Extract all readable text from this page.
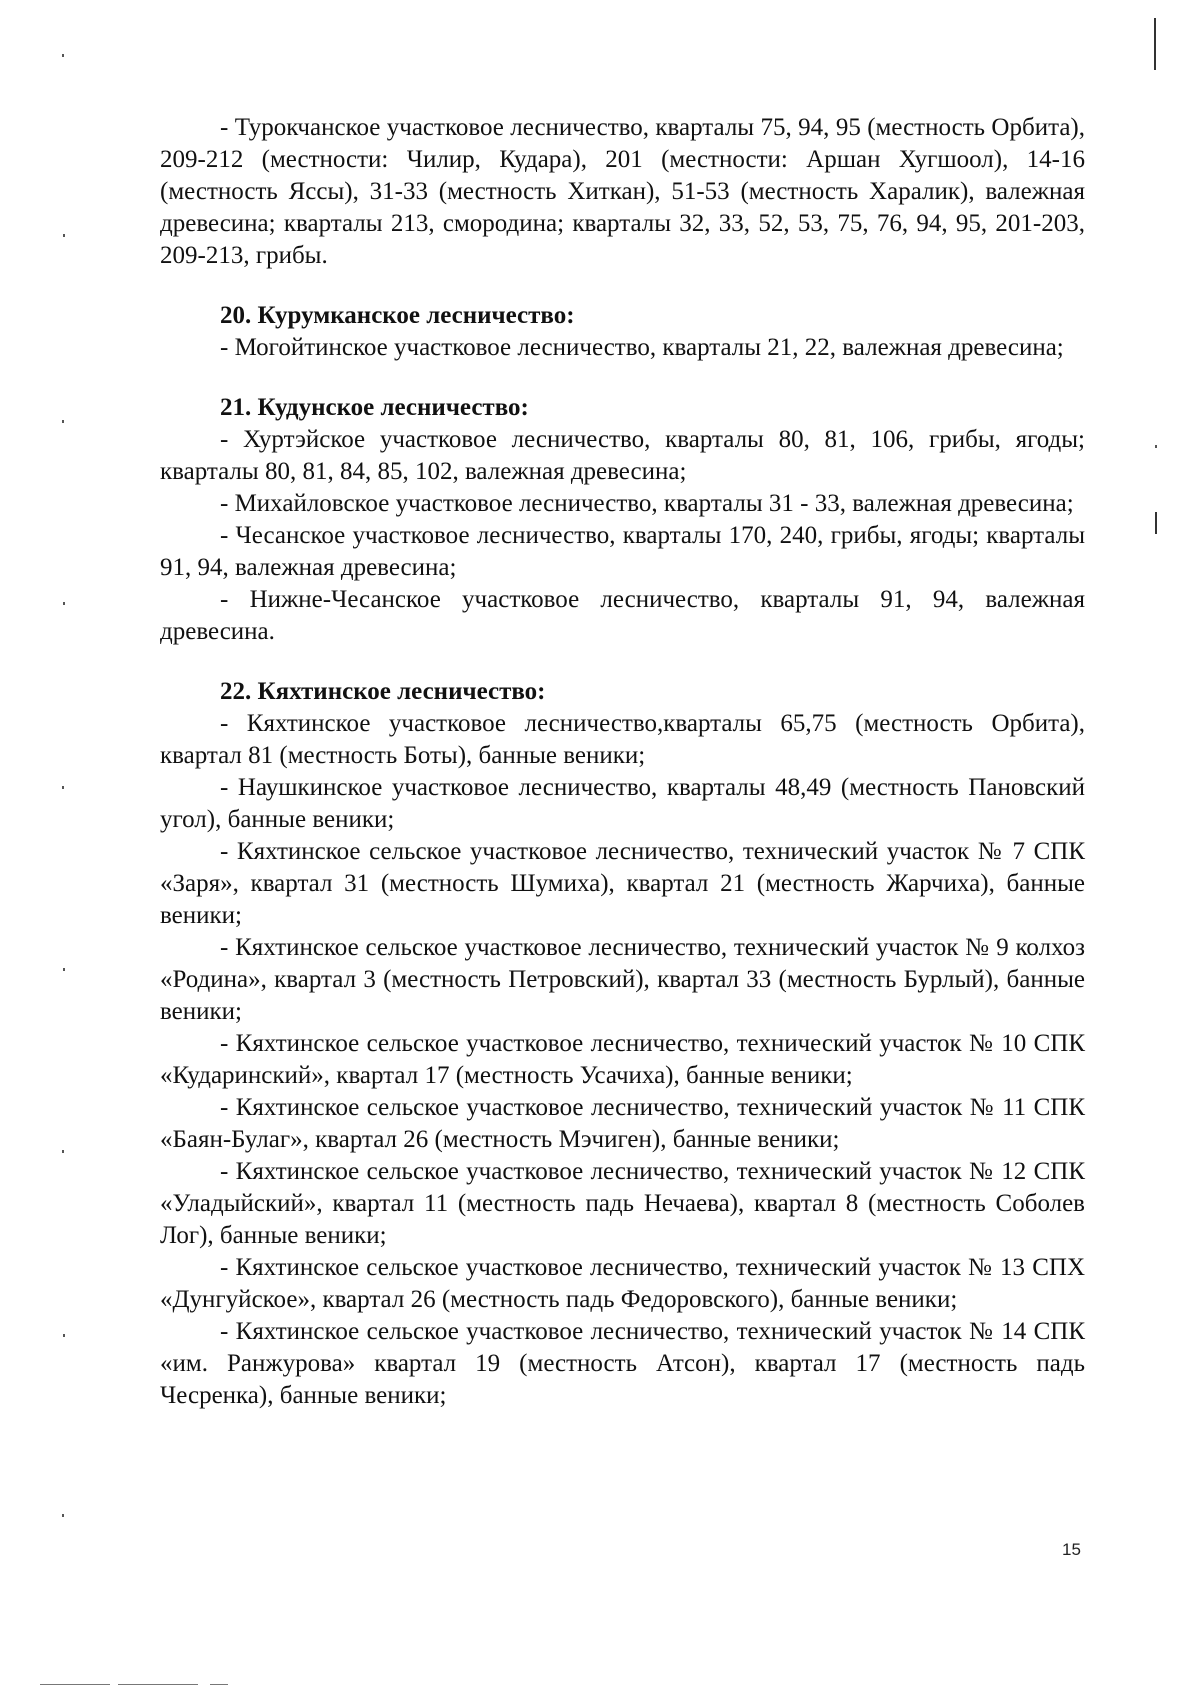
- Турокчанское участковое лесничество, кварталы 75, 94, 95 (местность Орбита), 209-212 (местности: Чилир, Кудара), 201 (местности: Аршан Хугшоол), 14-16 (местность Яссы), 31-33 (местность Хиткан), 51-53 (местность Харалик), валежная древесина; кварталы 213, смородина; кварталы 32, 33, 52, 53, 75, 76, 94, 95, 201-203, 209-213, грибы.

20. Курумканское лесничество:

- Могойтинское участковое лесничество, кварталы 21, 22, валежная древесина;

21. Кудунское лесничество:

- Хуртэйское участковое лесничество, кварталы 80, 81, 106, грибы, ягоды; кварталы 80, 81, 84, 85, 102, валежная древесина;

- Михайловское участковое лесничество, кварталы 31 - 33, валежная древесина;

- Чесанское участковое лесничество, кварталы 170, 240, грибы, ягоды; кварталы 91, 94, валежная древесина;

- Нижне-Чесанское участковое лесничество, кварталы 91, 94, валежная древесина.

22. Кяхтинское лесничество:

- Кяхтинское участковое лесничество,кварталы 65,75 (местность Орбита), квартал 81 (местность Боты), банные веники;

- Наушкинское участковое лесничество, кварталы 48,49 (местность Пановский угол), банные веники;

- Кяхтинское сельское участковое лесничество, технический участок № 7 СПК «Заря», квартал 31 (местность Шумиха), квартал 21 (местность Жарчиха), банные веники;

- Кяхтинское сельское участковое лесничество, технический участок № 9 колхоз «Родина», квартал 3 (местность Петровский), квартал 33 (местность Бурлый), банные веники;

- Кяхтинское сельское участковое лесничество, технический участок № 10 СПК «Кударинский», квартал 17 (местность Усачиха), банные веники;

- Кяхтинское сельское участковое лесничество, технический участок № 11 СПК «Баян-Булаг», квартал 26 (местность Мэчиген), банные веники;

- Кяхтинское сельское участковое лесничество, технический участок № 12 СПК «Уладыйский», квартал 11 (местность падь Нечаева), квартал 8 (местность Соболев Лог), банные веники;

- Кяхтинское сельское участковое лесничество, технический участок № 13 СПХ «Дунгуйское», квартал 26 (местность падь Федоровского), банные веники;

- Кяхтинское сельское участковое лесничество, технический участок № 14 СПК «им. Ранжурова» квартал 19 (местность Атсон), квартал 17 (местность падь Чесренка), банные веники;

15
